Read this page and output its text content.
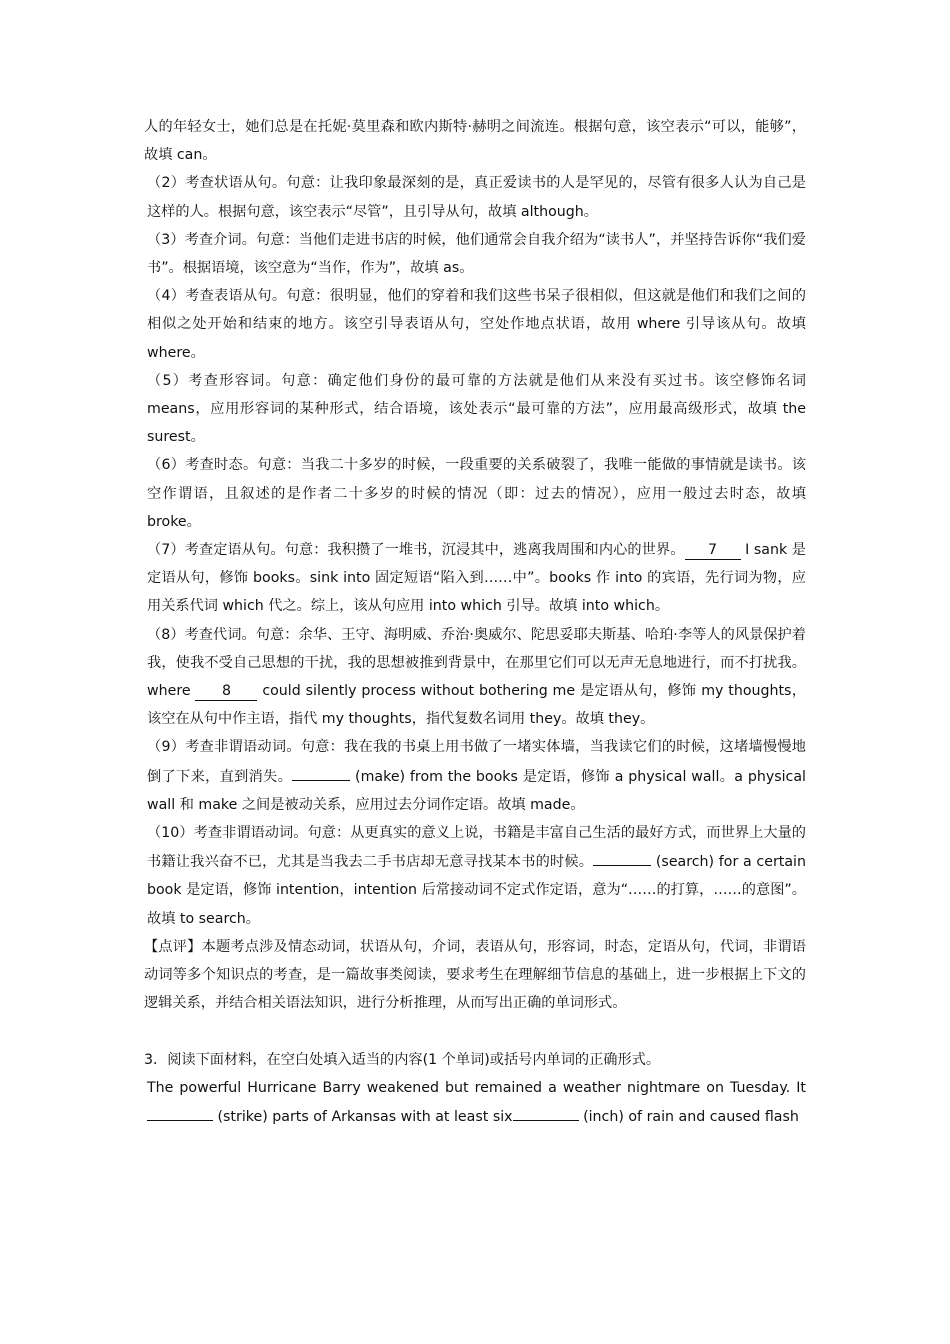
人的年轻女士，她们总是在托妮·莫里森和欧内斯特·赫明之间流连。根据句意，该空表示“可以，能够”，故填 can。

（2）考查状语从句。句意：让我印象最深刻的是，真正爱读书的人是罕见的，尽管有很多人认为自己是这样的人。根据句意，该空表示“尽管”，且引导从句，故填 although。

（3）考查介词。句意：当他们走进书店的时候，他们通常会自我介绍为“读书人”，并坚持告诉你“我们爱书”。根据语境，该空意为“当作，作为”，故填 as。

（4）考查表语从句。句意：很明显，他们的穿着和我们这些书呆子很相似，但这就是他们和我们之间的相似之处开始和结束的地方。该空引导表语从句，空处作地点状语，故用 where 引导该从句。故填 where。

（5）考查形容词。句意：确定他们身份的最可靠的方法就是他们从来没有买过书。该空修饰名词 means，应用形容词的某种形式，结合语境，该处表示“最可靠的方法”，应用最高级形式，故填 the surest。

（6）考查时态。句意：当我二十多岁的时候，一段重要的关系破裂了，我唯一能做的事情就是读书。该空作谓语，且叙述的是作者二十多岁的时候的情况（即：过去的情况），应用一般过去时态，故填 broke。

（7）考查定语从句。句意：我积攒了一堆书，沉浸其中，逃离我周围和内心的世界。 7 I sank 是定语从句，修饰 books。sink into 固定短语“陷入到……中”。books 作 into 的宾语，先行词为物，应用关系代词 which 代之。综上，该从句应用 into which 引导。故填 into which。

（8）考查代词。句意：余华、王守、海明威、乔治·奥威尔、陀思妥耶夫斯基、哈珀·李等人的风景保护着我，使我不受自己思想的干扰，我的思想被推到背景中，在那里它们可以无声无息地进行，而不打扰我。where 8 could silently process without bothering me 是定语从句，修饰 my thoughts，该空在从句中作主语，指代 my thoughts，指代复数名词用 they。故填 they。

（9）考查非谓语动词。句意：我在我的书桌上用书做了一堵实体墙，当我读它们的时候，这堵墙慢慢地倒了下来，直到消失。	(make) from the books 是定语，修饰 a physical wall。a physical wall 和 make 之间是被动关系，应用过去分词作定语。故填 made。

（10）考查非谓语动词。句意：从更真实的意义上说，书籍是丰富自己生活的最好方式，而世界上大量的书籍让我兴奋不已，尤其是当我去二手书店却无意寻找某本书的时候。	(search) for a certain book 是定语，修饰 intention，intention 后常接动词不定式作定语，意为“……的打算，……的意图”。故填 to search。

【点评】本题考点涉及情态动词，状语从句，介词，表语从句，形容词，时态，定语从句，代词，非谓语动词等多个知识点的考查，是一篇故事类阅读，要求考生在理解细节信息的基础上，进一步根据上下文的逻辑关系，并结合相关语法知识，进行分析推理，从而写出正确的单词形式。

3．阅读下面材料，在空白处填入适当的内容(1 个单词)或括号内单词的正确形式。

The powerful Hurricane Barry weakened but remained a weather nightmare on Tuesday. It  (strike) parts of Arkansas with at least six	(inch) of rain and caused flash
